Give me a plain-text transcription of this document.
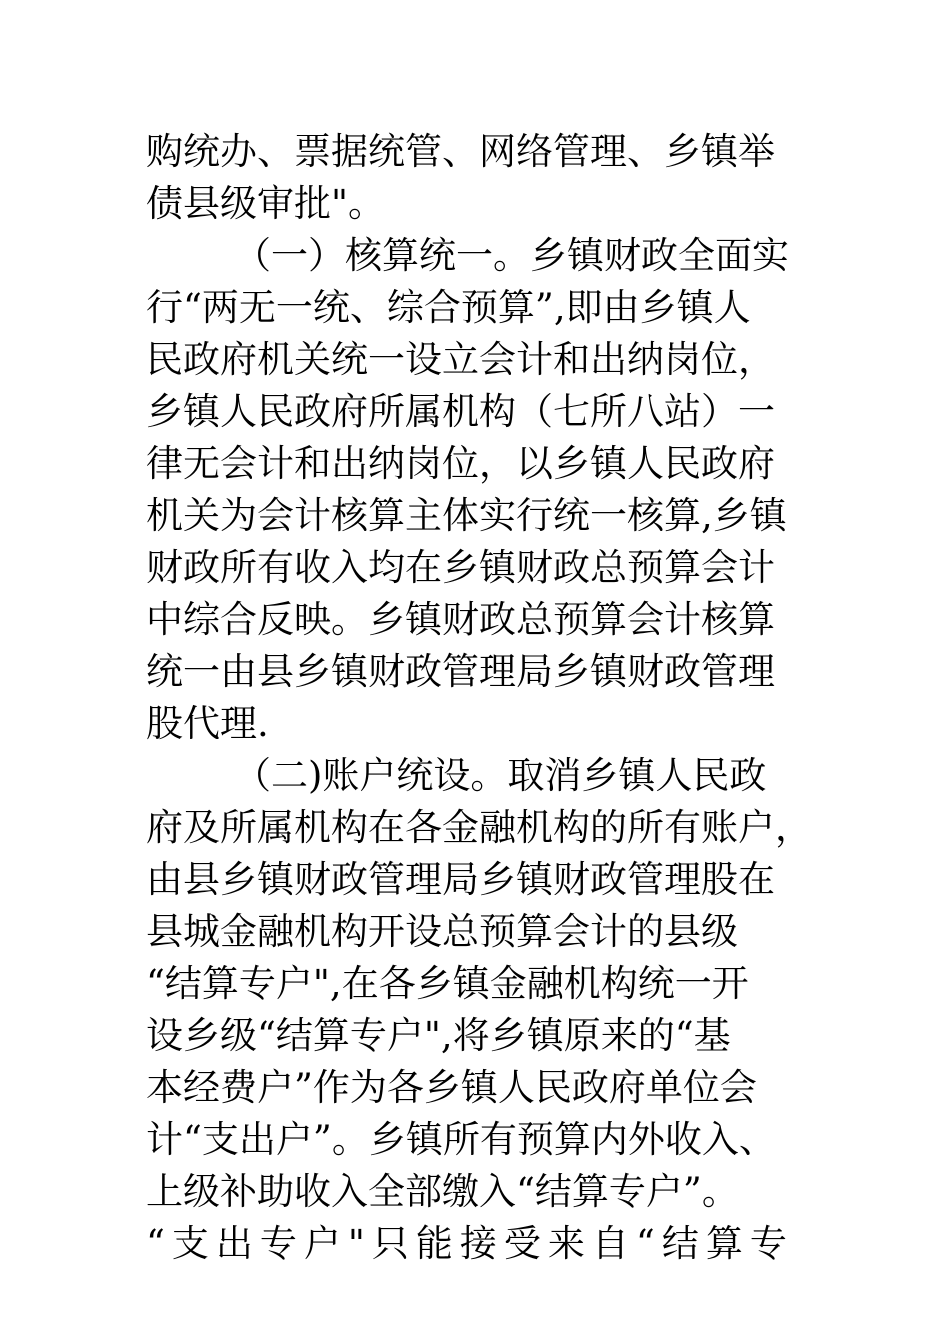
购统办、票据统管、网络管理、乡镇举
债县级审批"。
（一）核算统一。乡镇财政全面实
行“两无一统、综合预算”,即由乡镇人
民政府机关统一设立会计和出纳岗位，
乡镇人民政府所属机构（七所八站）一
律无会计和出纳岗位，以乡镇人民政府
机关为会计核算主体实行统一核算,乡镇
财政所有收入均在乡镇财政总预算会计
中综合反映。乡镇财政总预算会计核算
统一由县乡镇财政管理局乡镇财政管理
股代理.
（二)账户统设。取消乡镇人民政
府及所属机构在各金融机构的所有账户，
由县乡镇财政管理局乡镇财政管理股在
县城金融机构开设总预算会计的县级
“结算专户",在各乡镇金融机构统一开
设乡级“结算专户",将乡镇原来的“基
本经费户”作为各乡镇人民政府单位会
计“支出户”。乡镇所有预算内外收入、
上级补助收入全部缴入“结算专户”。
“支出专户"只能接受来自“结算专
